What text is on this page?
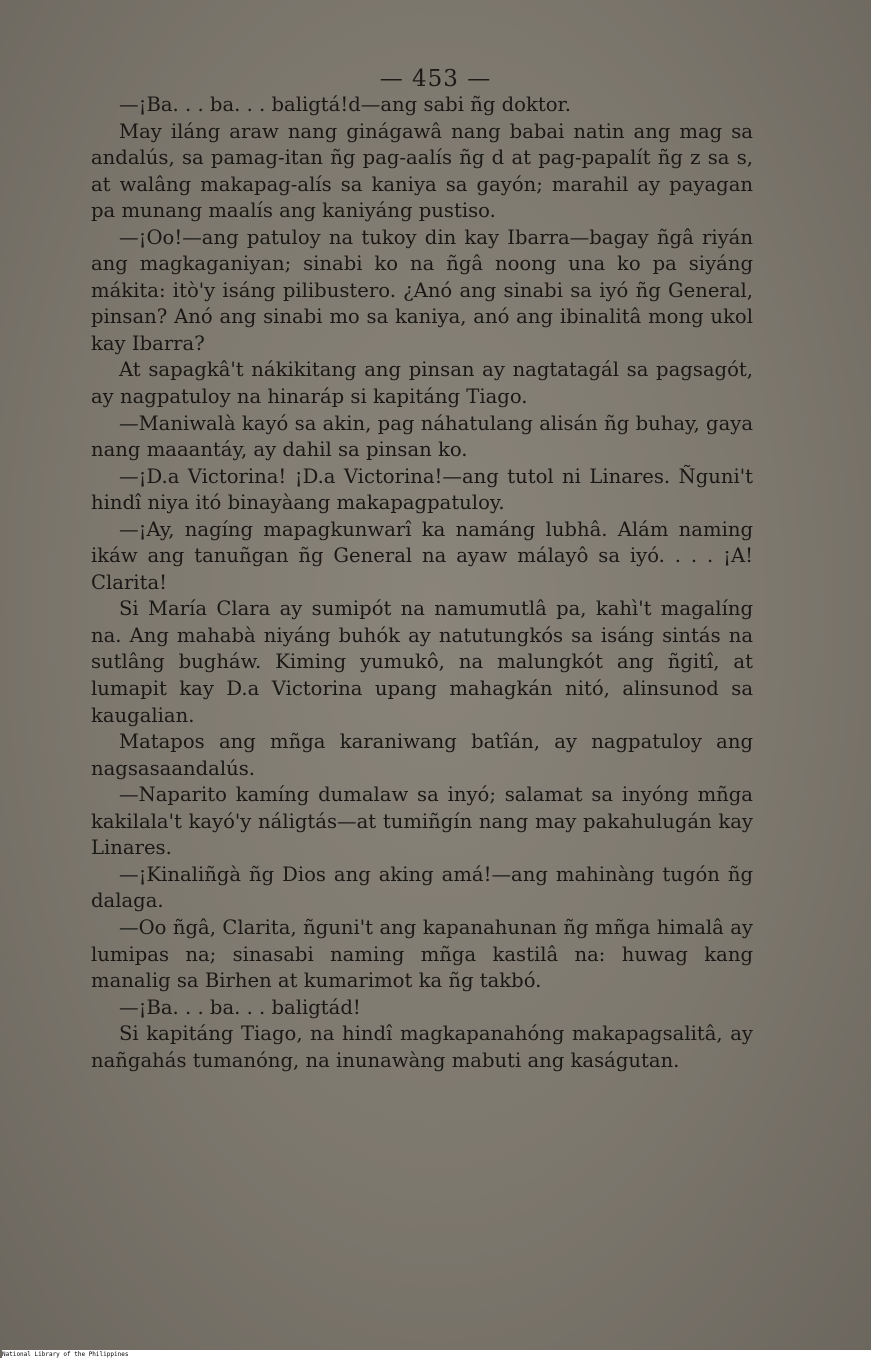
— 453 —

—¡Ba. . . ba. . . baligtá!d—ang sabi ñg doktor.

May iláng araw nang ginágawâ nang babai natin ang mag sa andalús, sa pamag-itan ñg pag-aalís ñg d at pag-papalít ñg z sa s, at walâng makapag-alís sa kaniya sa gayón; marahil ay payagan pa munang maalís ang kaniyáng pustiso.

—¡Oo!—ang patuloy na tukoy din kay Ibarra—bagay ñgâ riyán ang magkaganiyan; sinabi ko na ñgâ noong una ko pa siyáng mákita: itò'y isáng pilibustero. ¿Anó ang sinabi sa iyó ñg General, pinsan? Anó ang sinabi mo sa kaniya, anó ang ibinalitâ mong ukol kay Ibarra?

At sapagkâ't nákikitang ang pinsan ay nagtatagál sa pagsagót, ay nagpatuloy na hinaráp si kapitáng Tiago.

—Maniwalà kayó sa akin, pag náhatulang alisán ñg buhay, gaya nang maaantáy, ay dahil sa pinsan ko.

—¡D.a Victorina! ¡D.a Victorina!—ang tutol ni Linares. Ñguni't hindî niya itó binayàang makapagpatuloy.

—¡Ay, nagíng mapagkunwarî ka namáng lubhâ. Alám naming ikáw ang tanuñgan ñg General na ayaw málayô sa iyó. . . . ¡A! Clarita!

Si María Clara ay sumipót na namumutlâ pa, kahì't magalíng na. Ang mahabà niyáng buhók ay natutungkós sa isáng sintás na sutlâng bugháw. Kiming yumukô, na malungkót ang ñgitî, at lumapit kay D.a Victorina upang mahagkán nitó, alinsunod sa kaugalian.

Matapos ang mñga karaniwang batîán, ay nagpatuloy ang nagsasaandalús.

—Naparito kamíng dumalaw sa inyó; salamat sa inyóng mñga kakilala't kayó'y náligtás—at tumiñgín nang may pakahulugán kay Linares.

—¡Kinaliñgà ñg Dios ang aking amá!—ang mahinàng tugón ñg dalaga.

—Oo ñgâ, Clarita, ñguni't ang kapanahunan ñg mñga himalâ ay lumipas na; sinasabi naming mñga kastilâ na: huwag kang manalig sa Birhen at kumarimot ka ñg takbó.

—¡Ba. . . ba. . . baligtád!

Si kapitáng Tiago, na hindî magkapanahóng makapagsalitâ, ay nañgahás tumanóng, na inunawàng mabuti ang kaságutan.

National Library of the Philippines
